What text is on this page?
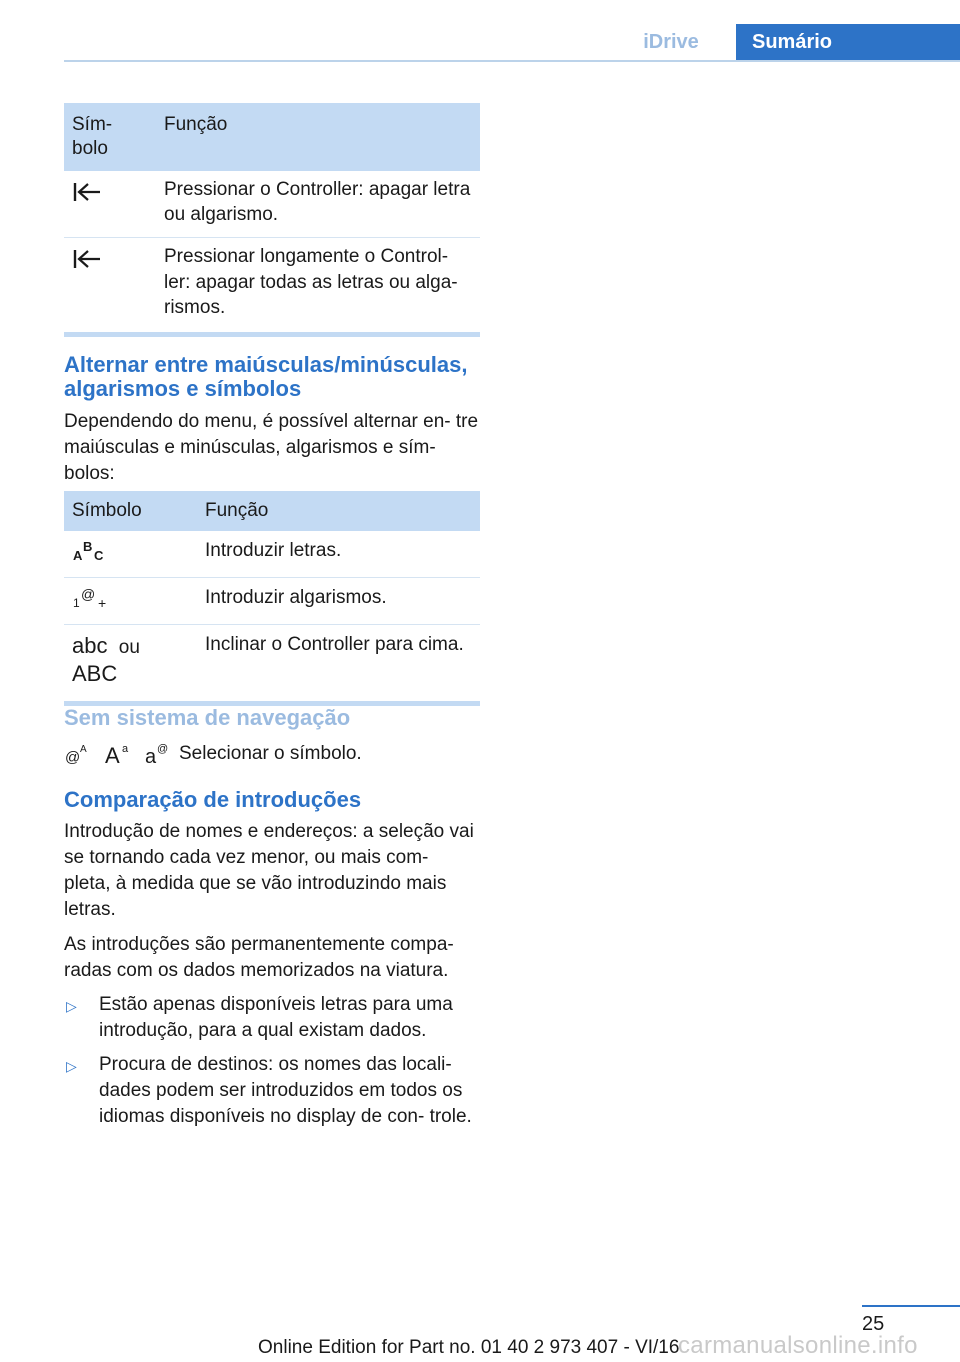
iDrive	Sumário
Sím-
bolo	Função
	Pressionar o Controller: apagar letra ou algarismo.
	Pressionar longamente o Control‐ ler: apagar todas as letras ou alga‐ rismos.
Alternar entre maiúsculas/minúsculas, algarismos e símbolos

Dependendo do menu, é possível alternar en‐ tre maiúsculas e minúsculas, algarismos e sím‐ bolos:

Símbolo	Função

A
B
C	Introduzir letras.

1
@
+	Introduzir algarismos.

abc ou
ABC	Inclinar o Controller para cima.
Sem sistema de navegação
@ A A a a @ Selecionar o símbolo.
Comparação de introduções

Introdução de nomes e endereços: a seleção vai se tornando cada vez menor, ou mais com‐ pleta, à medida que se vão introduzindo mais letras.

As introduções são permanentemente compa‐ radas com os dados memorizados na viatura.

▷ Estão apenas disponíveis letras para uma introdução, para a qual existam dados.
▷ Procura de destinos: os nomes das locali‐ dades podem ser introduzidos em todos os idiomas disponíveis no display de con‐ trole.
25
Online Edition for Part no. 01 40 2 973 407 - VI/16
carmanualsonline.info
